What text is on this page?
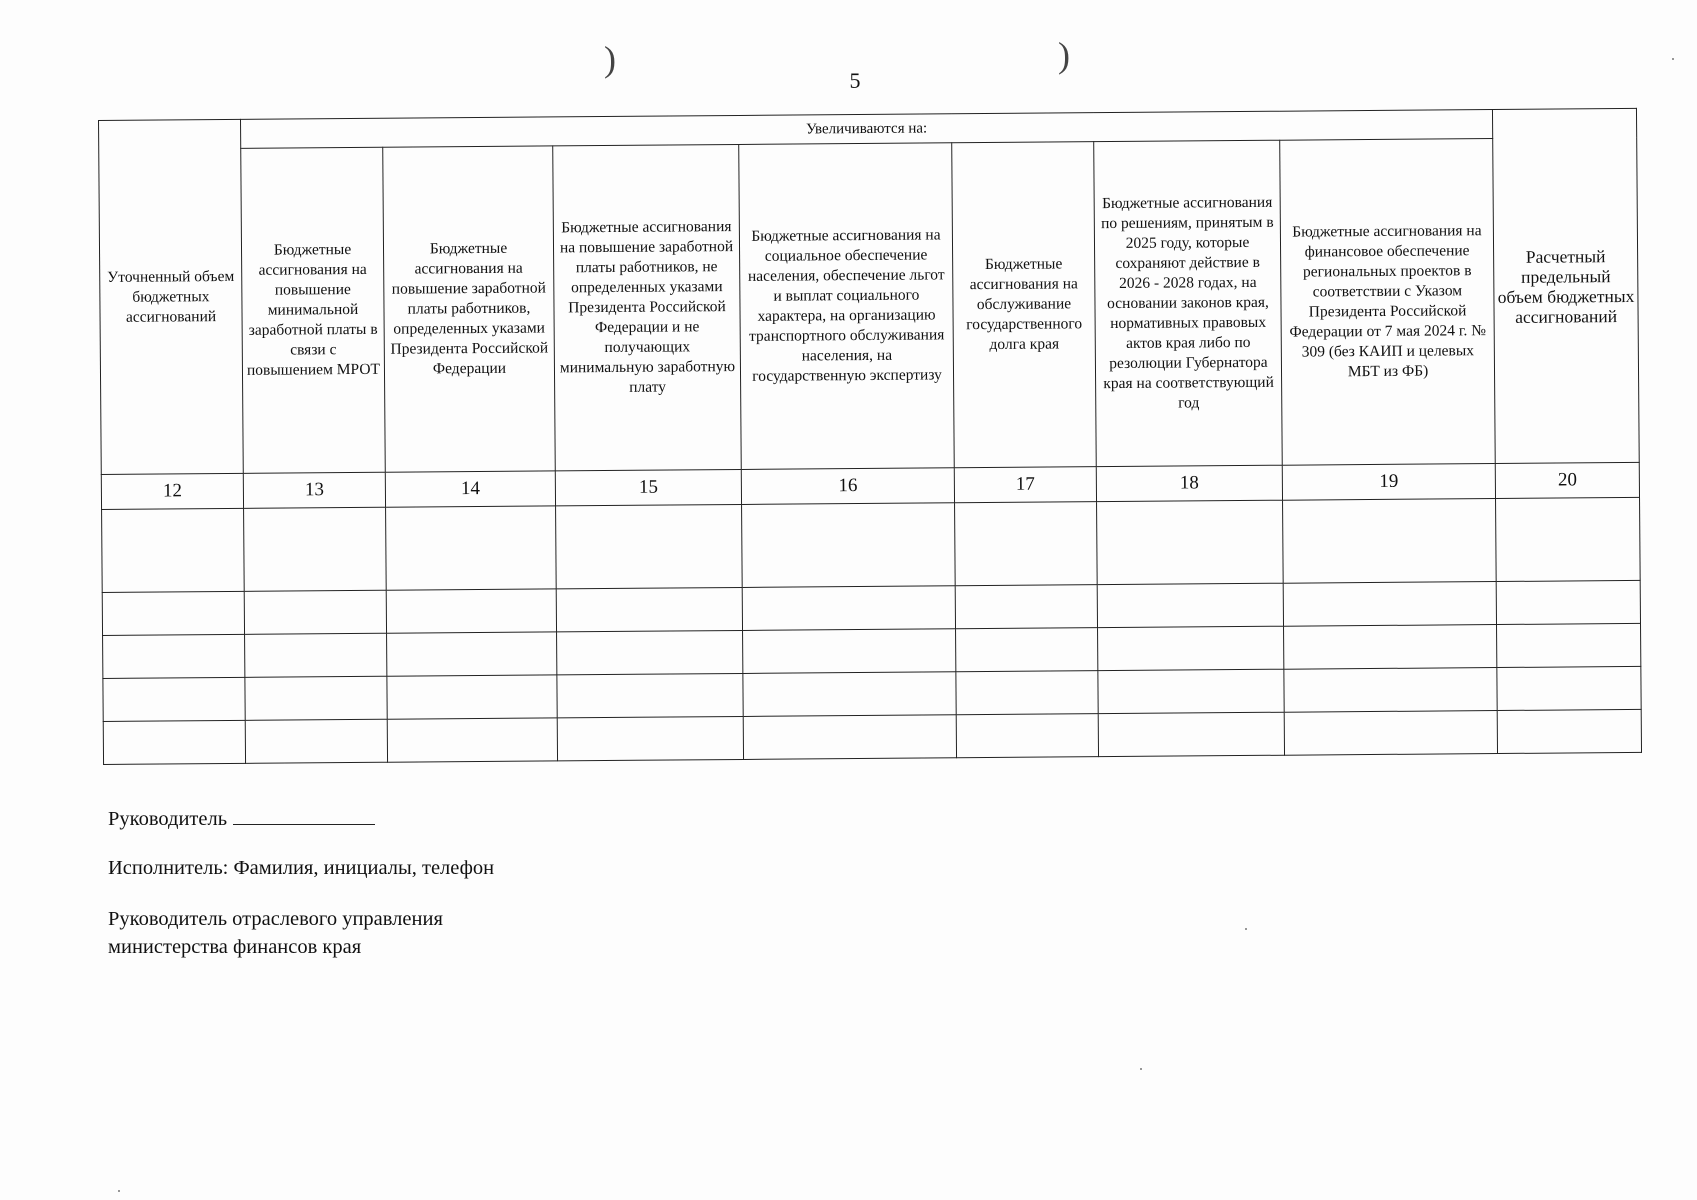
5
)	)
Уточненный объем бюджетных ассигнований	Увеличиваются на:							Расчетный предельный объем бюджетных ассигнований
	Бюджетные ассигнования на повышение минимальной заработной платы в связи с повышением МРОТ	Бюджетные ассигнования на повышение заработной платы работников, определенных указами Президента Российской Федерации	Бюджетные ассигнования на повышение заработной платы работников, не определенных указами Президента Российской Федерации и не получающих минимальную заработную плату	Бюджетные ассигнования на социальное обеспечение населения, обеспечение льгот и выплат социального характера, на организацию транспортного обслуживания населения, на государственную экспертизу	Бюджетные ассигнования на обслуживание государственного долга края	Бюджетные ассигнования по решениям, принятым в 2025 году, которые сохраняют действие в 2026 - 2028 годах, на основании законов края, нормативных правовых актов края либо по резолюции Губернатора края на соответствующий год	Бюджетные ассигнования на финансовое обеспечение региональных проектов в соответствии с Указом Президента Российской Федерации от 7 мая 2024 г. № 309 (без КАИП и целевых МБТ из ФБ)	
12	13	14	15	16	17	18	19	20

Руководитель
Исполнитель: Фамилия, инициалы, телефон
Руководитель отраслевого управления
министерства финансов края
